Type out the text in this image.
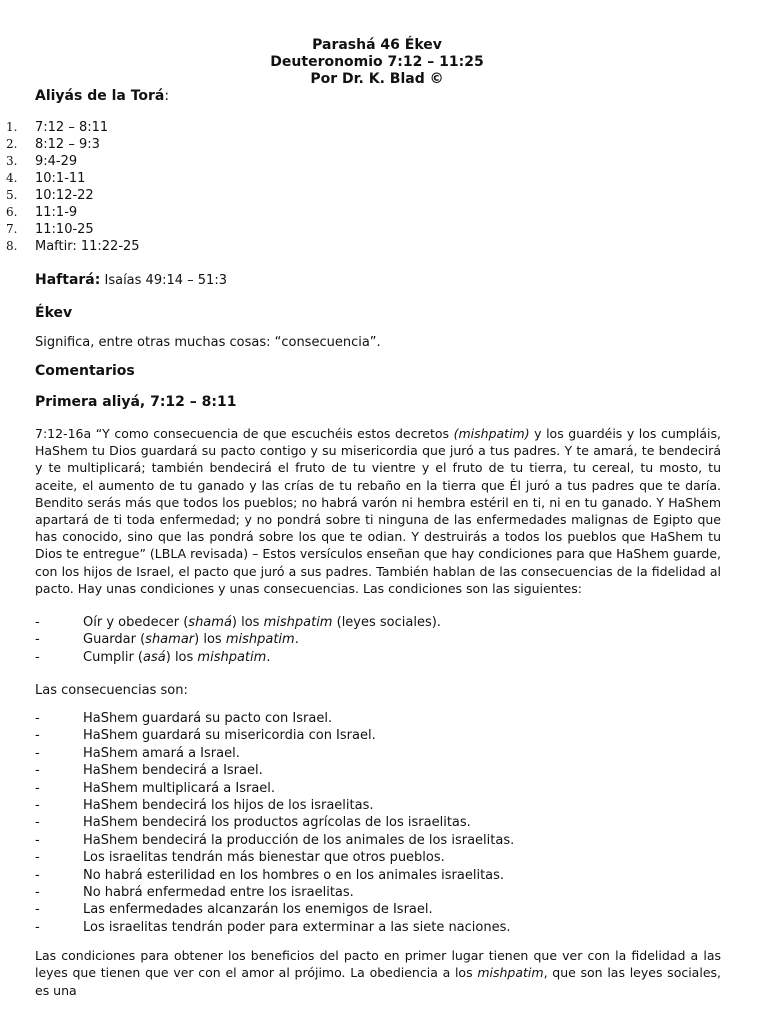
Parashá 46 Ékev
Deuteronomio 7:12 – 11:25
Por Dr. K. Blad ©
Aliyás de la Torá:
1.	7:12 – 8:11
2.	8:12 – 9:3
3.	9:4-29
4.	10:1-11
5.	10:12-22
6.	11:1-9
7.	11:10-25
8.	Maftir: 11:22-25
Haftará: Isaías 49:14 – 51:3
Ékev
Significa, entre otras muchas cosas: “consecuencia”.
Comentarios
Primera aliyá, 7:12 – 8:11

7:12-16a “Y como consecuencia de que escuchéis estos decretos (mishpatim) y los guardéis y los cumpláis, HaShem tu Dios guardará su pacto contigo y su misericordia que juró a tus padres. Y te amará, te bendecirá y te multiplicará; también bendecirá el fruto de tu vientre y el fruto de tu tierra, tu cereal, tu mosto, tu aceite, el aumento de tu ganado y las crías de tu rebaño en la tierra que Él juró a tus padres que te daría. Bendito serás más que todos los pueblos; no habrá varón ni hembra estéril en ti, ni en tu ganado. Y HaShem apartará de ti toda enfermedad; y no pondrá sobre ti ninguna de las enfermedades malignas de Egipto que has conocido, sino que las pondrá sobre los que te odian. Y destruirás a todos los pueblos que HaShem tu Dios te entregue” (LBLA revisada) – Estos versículos enseñan que hay condiciones para que HaShem guarde, con los hijos de Israel, el pacto que juró a sus padres. También hablan de las consecuencias de la fidelidad al pacto. Hay unas condiciones y unas consecuencias. Las condiciones son las siguientes:

-	Oír y obedecer (shamá) los mishpatim (leyes sociales).
-	Guardar (shamar) los mishpatim.
-	Cumplir (asá) los mishpatim.
Las consecuencias son:
-	HaShem guardará su pacto con Israel.
-	HaShem guardará su misericordia con Israel.
-	HaShem amará a Israel.
-	HaShem bendecirá a Israel.
-	HaShem multiplicará a Israel.
-	HaShem bendecirá los hijos de los israelitas.
-	HaShem bendecirá los productos agrícolas de los israelitas.
-	HaShem bendecirá la producción de los animales de los israelitas.
-	Los israelitas tendrán más bienestar que otros pueblos.
-	No habrá esterilidad en los hombres o en los animales israelitas.
-	No habrá enfermedad entre los israelitas.
-	Las enfermedades alcanzarán los enemigos de Israel.
-	Los israelitas tendrán poder para exterminar a las siete naciones.

Las condiciones para obtener los beneficios del pacto en primer lugar tienen que ver con la fidelidad a las leyes que tienen que ver con el amor al prójimo. La obediencia a los mishpatim, que son las leyes sociales, es una
